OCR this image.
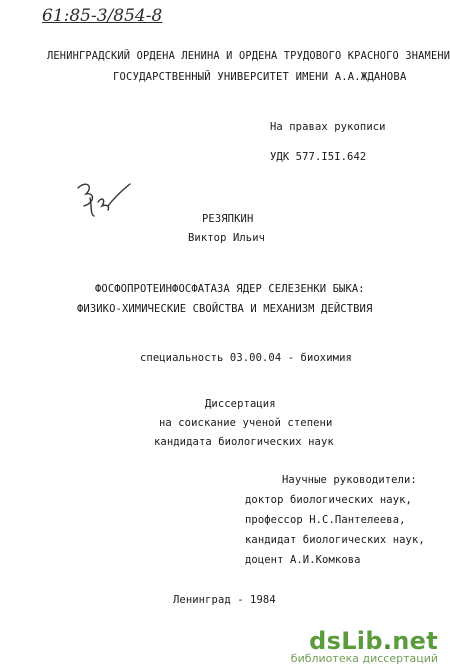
61:85-3/854-8
ЛЕНИНГРАДСКИЙ ОРДЕНА ЛЕНИНА И ОРДЕНА ТРУДОВОГО КРАСНОГО ЗНАМЕНИ
ГОСУДАРСТВЕННЫЙ УНИВЕРСИТЕТ ИМЕНИ А.А.ЖДАНОВА
На правах рукописи
УДК 577.I5I.642
РЕЗЯПКИН
Виктор Ильич
ФОСФОПРОТЕИНФОСФАТАЗА ЯДЕР СЕЛЕЗЕНКИ БЫКА:
ФИЗИКО-ХИМИЧЕСКИЕ СВОЙСТВА И МЕХАНИЗМ ДЕЙСТВИЯ
специальность 03.00.04 - биохимия
Диссертация
на соискание ученой степени
кандидата биологических наук
Научные руководители:
доктор биологических наук,
профессор Н.С.Пантелеева,
кандидат биологических наук,
доцент А.И.Комкова
Ленинград - 1984
dsLib.net
библиотека диссертаций
